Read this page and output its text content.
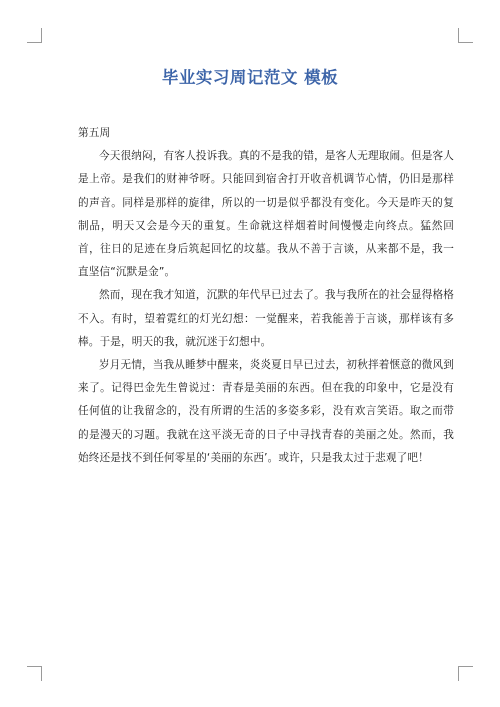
毕业实习周记范文 模板

第五周

今天很纳闷，有客人投诉我。真的不是我的错，是客人无理取闹。但是客人是上帝。是我们的财神爷呀。只能回到宿舍打开收音机调节心情，仍旧是那样的声音。同样是那样的旋律，所以的一切是似乎都没有变化。今天是昨天的复制品，明天又会是今天的重复。生命就这样烟着时间慢慢走向终点。猛然回首，往日的足迹在身后筑起回忆的坟墓。我从不善于言谈，从来都不是，我一直坚信“沉默是金”。

然而，现在我才知道，沉默的年代早已过去了。我与我所在的社会显得格格不入。有时，望着霓红的灯光幻想：一觉醒来，若我能善于言谈，那样该有多棒。于是，明天的我，就沉迷于幻想中。

岁月无情，当我从睡梦中醒来，炎炎夏日早已过去，初秋拌着惬意的微风到来了。记得巴金先生曾说过：青春是美丽的东西。但在我的印象中，它是没有任何值的让我留念的，没有所谓的生活的多姿多彩，没有欢言笑语。取之而带的是漫天的习题。我就在这平淡无奇的日子中寻找青春的美丽之处。然而，我始终还是找不到任何零星的‘美丽的东西’。或许，只是我太过于悲观了吧！
